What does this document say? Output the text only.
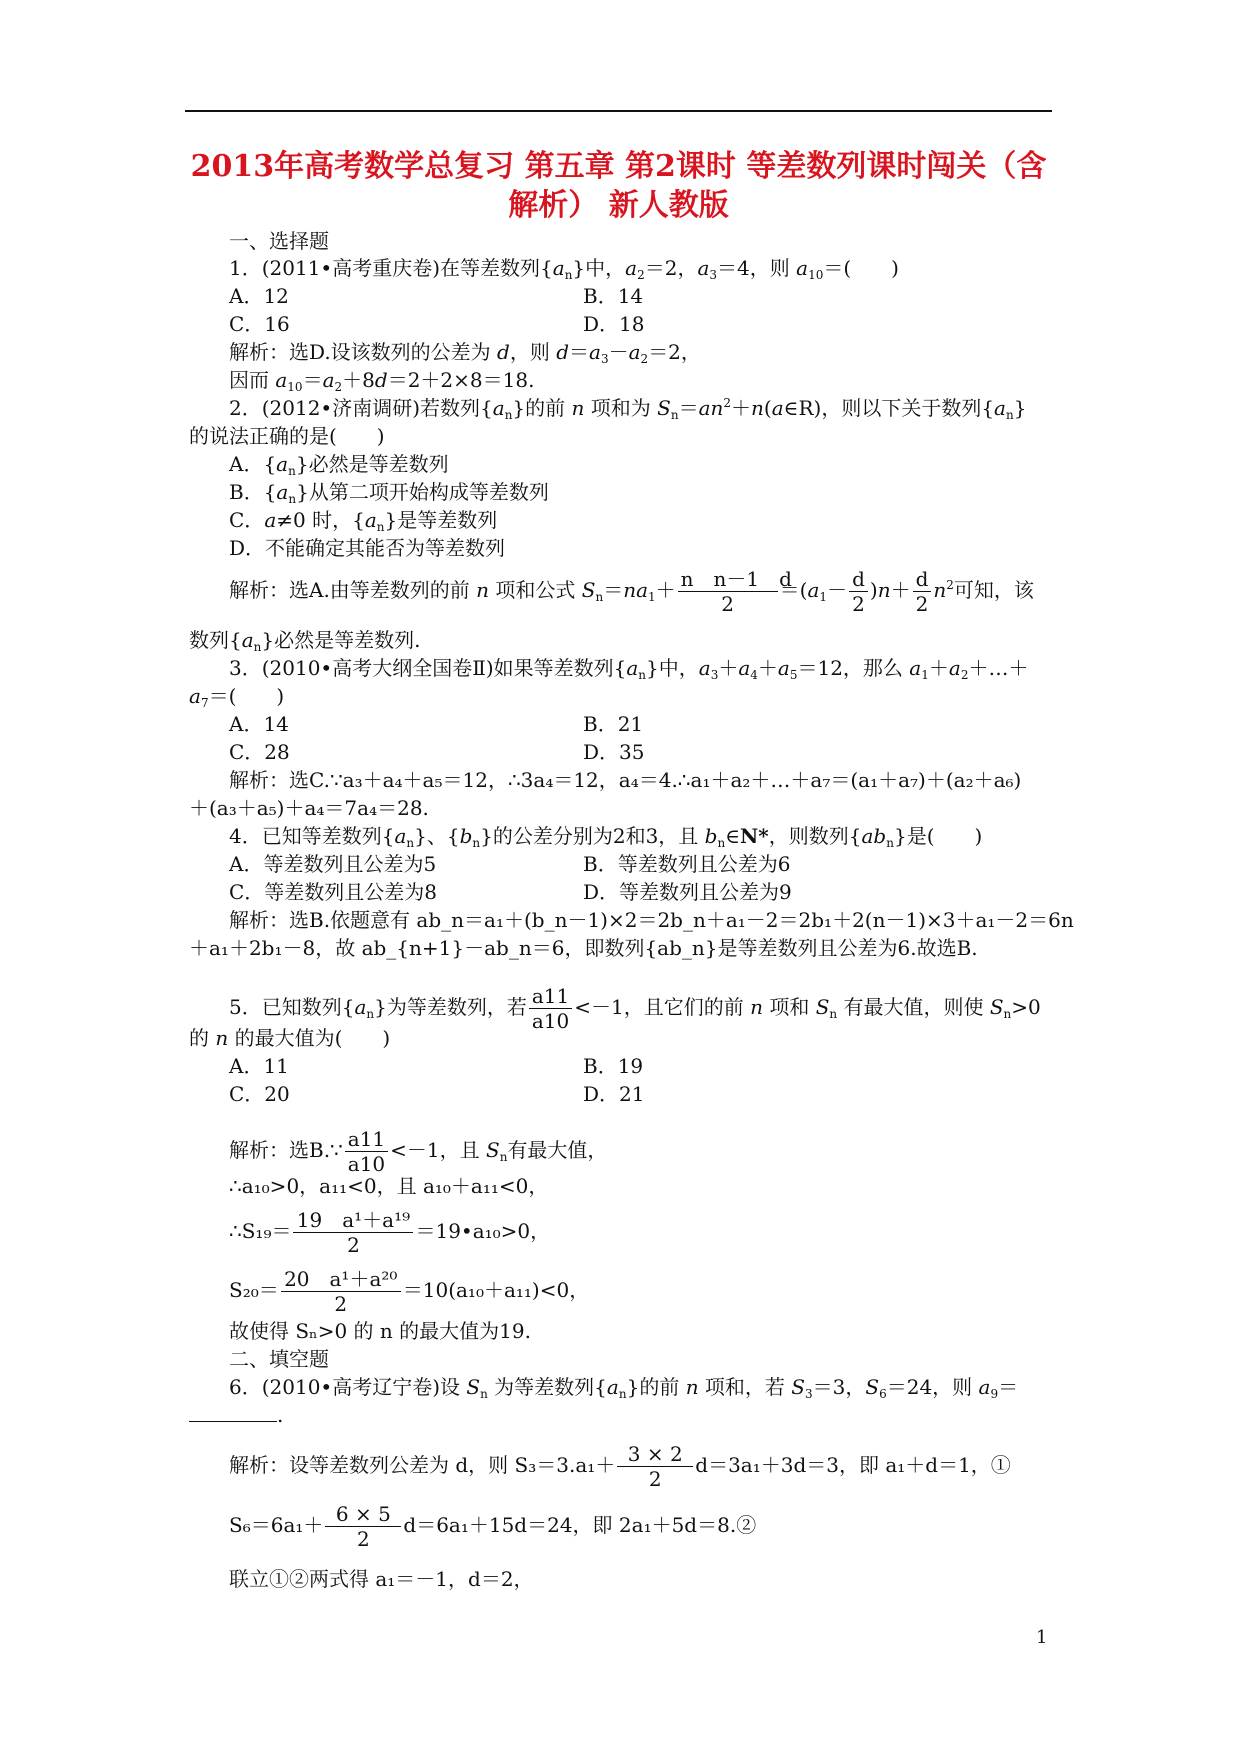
2013年高考数学总复习 第五章 第2课时 等差数列课时闯关（含
解析） 新人教版
一、选择题
1．(2011•高考重庆卷)在等差数列$\{a_n\}$中，$a_2=2$，$a_3=4$，则 $a_{10}=$(　　)
A．12	B．14
C．16	D．18
解析：选D.设该数列的公差为 d，则 $d=a_3-a_2=2$，
因而 $a_{10}=a_2+8d=2+2\times 8=18$.
2．(2012•济南调研)若数列$\{a_n\}$的前 n 项和为 $S_n=an^2+n(a\in R)$，则以下关于数列$\{a_n\}$
的说法正确的是(　　)
A．$\{a_n\}$必然是等差数列
B．$\{a_n\}$从第二项开始构成等差数列
C．a≠0 时，$\{a_n\}$是等差数列
D．不能确定其能否为等差数列
解析：选A.由等差数列的前 n 项和公式 $S_n=na_1+ \frac{\text{n　n－1　d}}{2} =(a_1- \frac{d}{2} )n+ \frac{d}{2} n^2$可知，该
数列$\{a_n\}$必然是等差数列.
3．(2010•高考大纲全国卷Ⅱ)如果等差数列$\{a_n\}$中，$a_3+a_4+a_5=12$，那么 $a_1+a_2+\dots+$
$a_7=$(　　)
A．14	B．21
C．28	D．35
解析：选C.∵a₃＋a₄＋a₅＝12，∴3a₄＝12，a₄＝4.∴a₁＋a₂＋…＋a₇＝(a₁＋a₇)＋(a₂＋a₆)
＋(a₃＋a₅)＋a₄＝7a₄＝28.
4．已知等差数列$\{a_n\}$、$\{b_n\}$的公差分别为2和3，且 $b_n\in N*$，则数列$\{ab_n\}$是(　　)
A．等差数列且公差为5	B．等差数列且公差为6
C．等差数列且公差为8	D．等差数列且公差为9
解析：选B.依题意有 ab_n＝a₁＋(b_n－1)×2＝2b_n＋a₁－2＝2b₁＋2(n－1)×3＋a₁－2＝6n
＋a₁＋2b₁－8，故 ab_{n+1}－ab_n＝6，即数列{ab_n}是等差数列且公差为6.故选B.
5．已知数列$\{a_n\}$为等差数列，若 $\frac{a11}{a10} <-1$，且它们的前 n 项和 $S_n$ 有最大值，则使 $S_n>0$
的 n 的最大值为(　　)
A．11	B．19
C．20	D．21
解析：选B.∵ $\frac{a11}{a10} <-1$，且 $S_n$有最大值，
∴a₁₀>0，a₁₁<0，且 a₁₀＋a₁₁<0，
∴S₁₉＝ $\frac{\text{19　a¹＋a¹⁹}}{2}$ ＝19•a₁₀>0，
$S_{20}= \frac{\text{20　a¹＋a²⁰}}{2} =10(a_{10}+a_{11})<0$，
故使得 Sₙ>0 的 n 的最大值为19.
二、填空题
6．(2010•高考辽宁卷)设 $S_n$ 为等差数列$\{a_n\}$的前 n 项和，若 $S_3=3$，$S_6=24$，则 $a_9=$
.
解析：设等差数列公差为 d，则 $S_3=3.a_1+ \frac{3 \times 2}{2} d=3a_1+3d=3$，即 a₁＋d＝1，①
$S_6=6a_1+ \frac{6 \times 5}{2} d=6a_1+15d=24$，即 2a₁＋5d＝8.②
联立①②两式得 a₁＝－1，d＝2，
1
